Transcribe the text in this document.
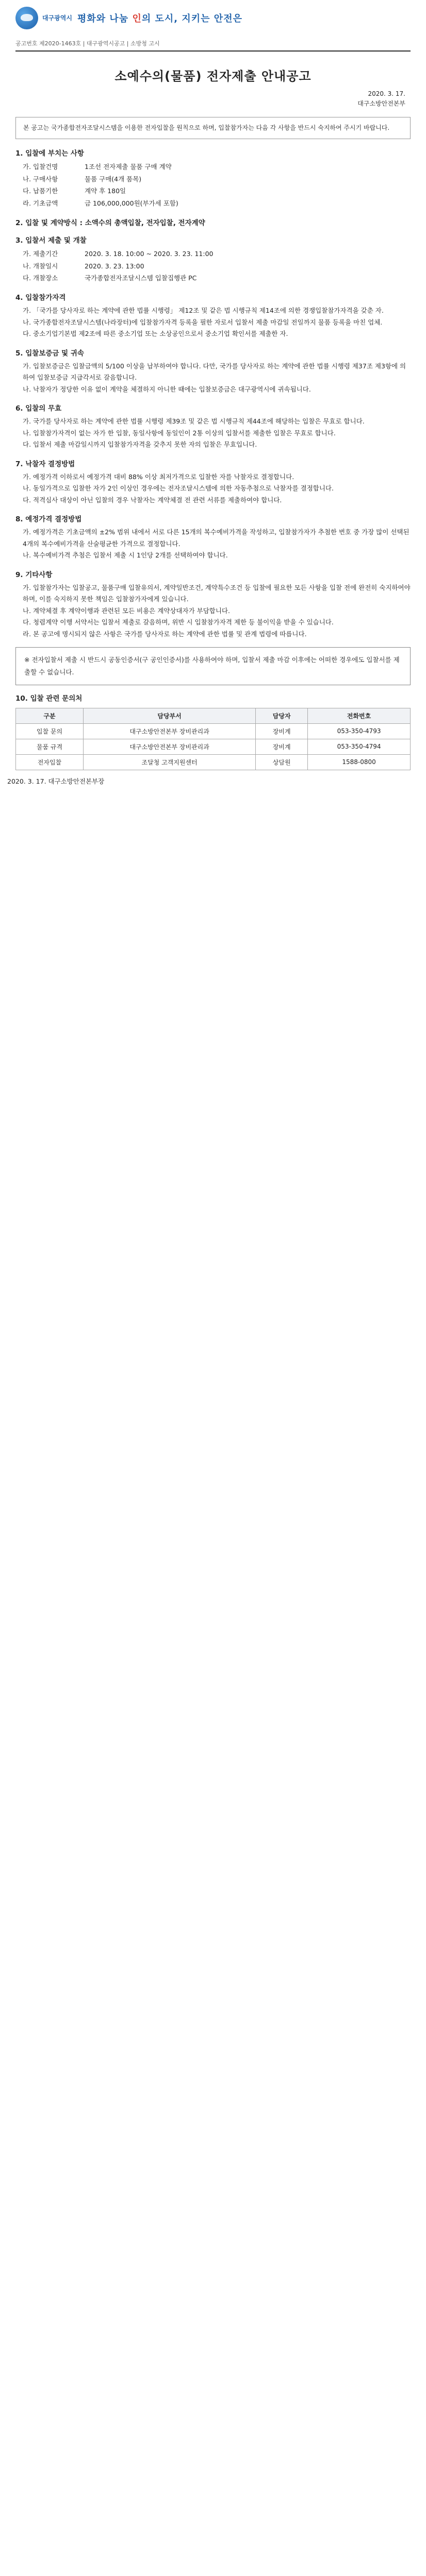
대구광역시 평화와 나눔 인의 도시, 지키는 안전은
공고번호 제2020-1463호 | 대구광역시공고 | 소방청 고시
소예수의(물품) 전자제출 안내공고
2020. 3. 17.
대구소방안전본부
본 공고는 국가종합전자조달시스템을 이용한 전자입찰을 원칙으로 하며, 입찰참가자는 다음 각 사항을 반드시 숙지하여 주시기 바랍니다.
1. 입찰에 부치는 사항
가. 입찰건명	1조선 전자제출 물품 구매 계약
나. 구매사항	물품 구매(4개 품목)
다. 납품기한	계약 후 180일
라. 기초금액	금 106,000,000원(부가세 포함)
2. 입찰 및 계약방식 : 소액수의 총액입찰, 전자입찰, 전자계약
3. 입찰서 제출 및 개찰
가. 제출기간	2020. 3. 18. 10:00 ~ 2020. 3. 23. 11:00
나. 개찰일시	2020. 3. 23. 13:00
다. 개찰장소	국가종합전자조달시스템 입찰집행관 PC
4. 입찰참가자격
가. 「국가를 당사자로 하는 계약에 관한 법률 시행령」 제12조 및 같은 법 시행규칙 제14조에 의한 경쟁입찰참가자격을 갖춘 자.
나. 국가종합전자조달시스템(나라장터)에 입찰참가자격 등록을 필한 자로서 입찰서 제출 마감일 전일까지 물품 등록을 마친 업체.
다. 중소기업기본법 제2조에 따른 중소기업 또는 소상공인으로서 중소기업 확인서를 제출한 자.
5. 입찰보증금 및 귀속
가. 입찰보증금은 입찰금액의 5/100 이상을 납부하여야 합니다. 다만, 국가를 당사자로 하는 계약에 관한 법률 시행령 제37조 제3항에 의하여 입찰보증금 지급각서로 갈음합니다.
나. 낙찰자가 정당한 이유 없이 계약을 체결하지 아니한 때에는 입찰보증금은 대구광역시에 귀속됩니다.
6. 입찰의 무효
가. 국가를 당사자로 하는 계약에 관한 법률 시행령 제39조 및 같은 법 시행규칙 제44조에 해당하는 입찰은 무효로 합니다.
나. 입찰참가자격이 없는 자가 한 입찰, 동일사항에 동일인이 2통 이상의 입찰서를 제출한 입찰은 무효로 합니다.
다. 입찰서 제출 마감일시까지 입찰참가자격을 갖추지 못한 자의 입찰은 무효입니다.
7. 낙찰자 결정방법
가. 예정가격 이하로서 예정가격 대비 88% 이상 최저가격으로 입찰한 자를 낙찰자로 결정합니다.
나. 동일가격으로 입찰한 자가 2인 이상인 경우에는 전자조달시스템에 의한 자동추첨으로 낙찰자를 결정합니다.
다. 적격심사 대상이 아닌 입찰의 경우 낙찰자는 계약체결 전 관련 서류를 제출하여야 합니다.
8. 예정가격 결정방법
가. 예정가격은 기초금액의 ±2% 범위 내에서 서로 다른 15개의 복수예비가격을 작성하고, 입찰참가자가 추첨한 번호 중 가장 많이 선택된 4개의 복수예비가격을 산술평균한 가격으로 결정합니다.
나. 복수예비가격 추첨은 입찰서 제출 시 1인당 2개를 선택하여야 합니다.
9. 기타사항
가. 입찰참가자는 입찰공고, 물품구매 입찰유의서, 계약일반조건, 계약특수조건 등 입찰에 필요한 모든 사항을 입찰 전에 완전히 숙지하여야 하며, 이를 숙지하지 못한 책임은 입찰참가자에게 있습니다.
나. 계약체결 후 계약이행과 관련된 모든 비용은 계약상대자가 부담합니다.
다. 청렴계약 이행 서약서는 입찰서 제출로 갈음하며, 위반 시 입찰참가자격 제한 등 불이익을 받을 수 있습니다.
라. 본 공고에 명시되지 않은 사항은 국가를 당사자로 하는 계약에 관한 법률 및 관계 법령에 따릅니다.
※ 전자입찰서 제출 시 반드시 공동인증서(구 공인인증서)를 사용하여야 하며, 입찰서 제출 마감 이후에는 어떠한 경우에도 입찰서를 제출할 수 없습니다.
10. 입찰 관련 문의처
구분	담당부서	담당자	전화번호
입찰 문의	대구소방안전본부 장비관리과	장비계	053-350-4793
물품 규격	대구소방안전본부 장비관리과	장비계	053-350-4794
전자입찰	조달청 고객지원센터	상담원	1588-0800
2020. 3. 17. 대구소방안전본부장
